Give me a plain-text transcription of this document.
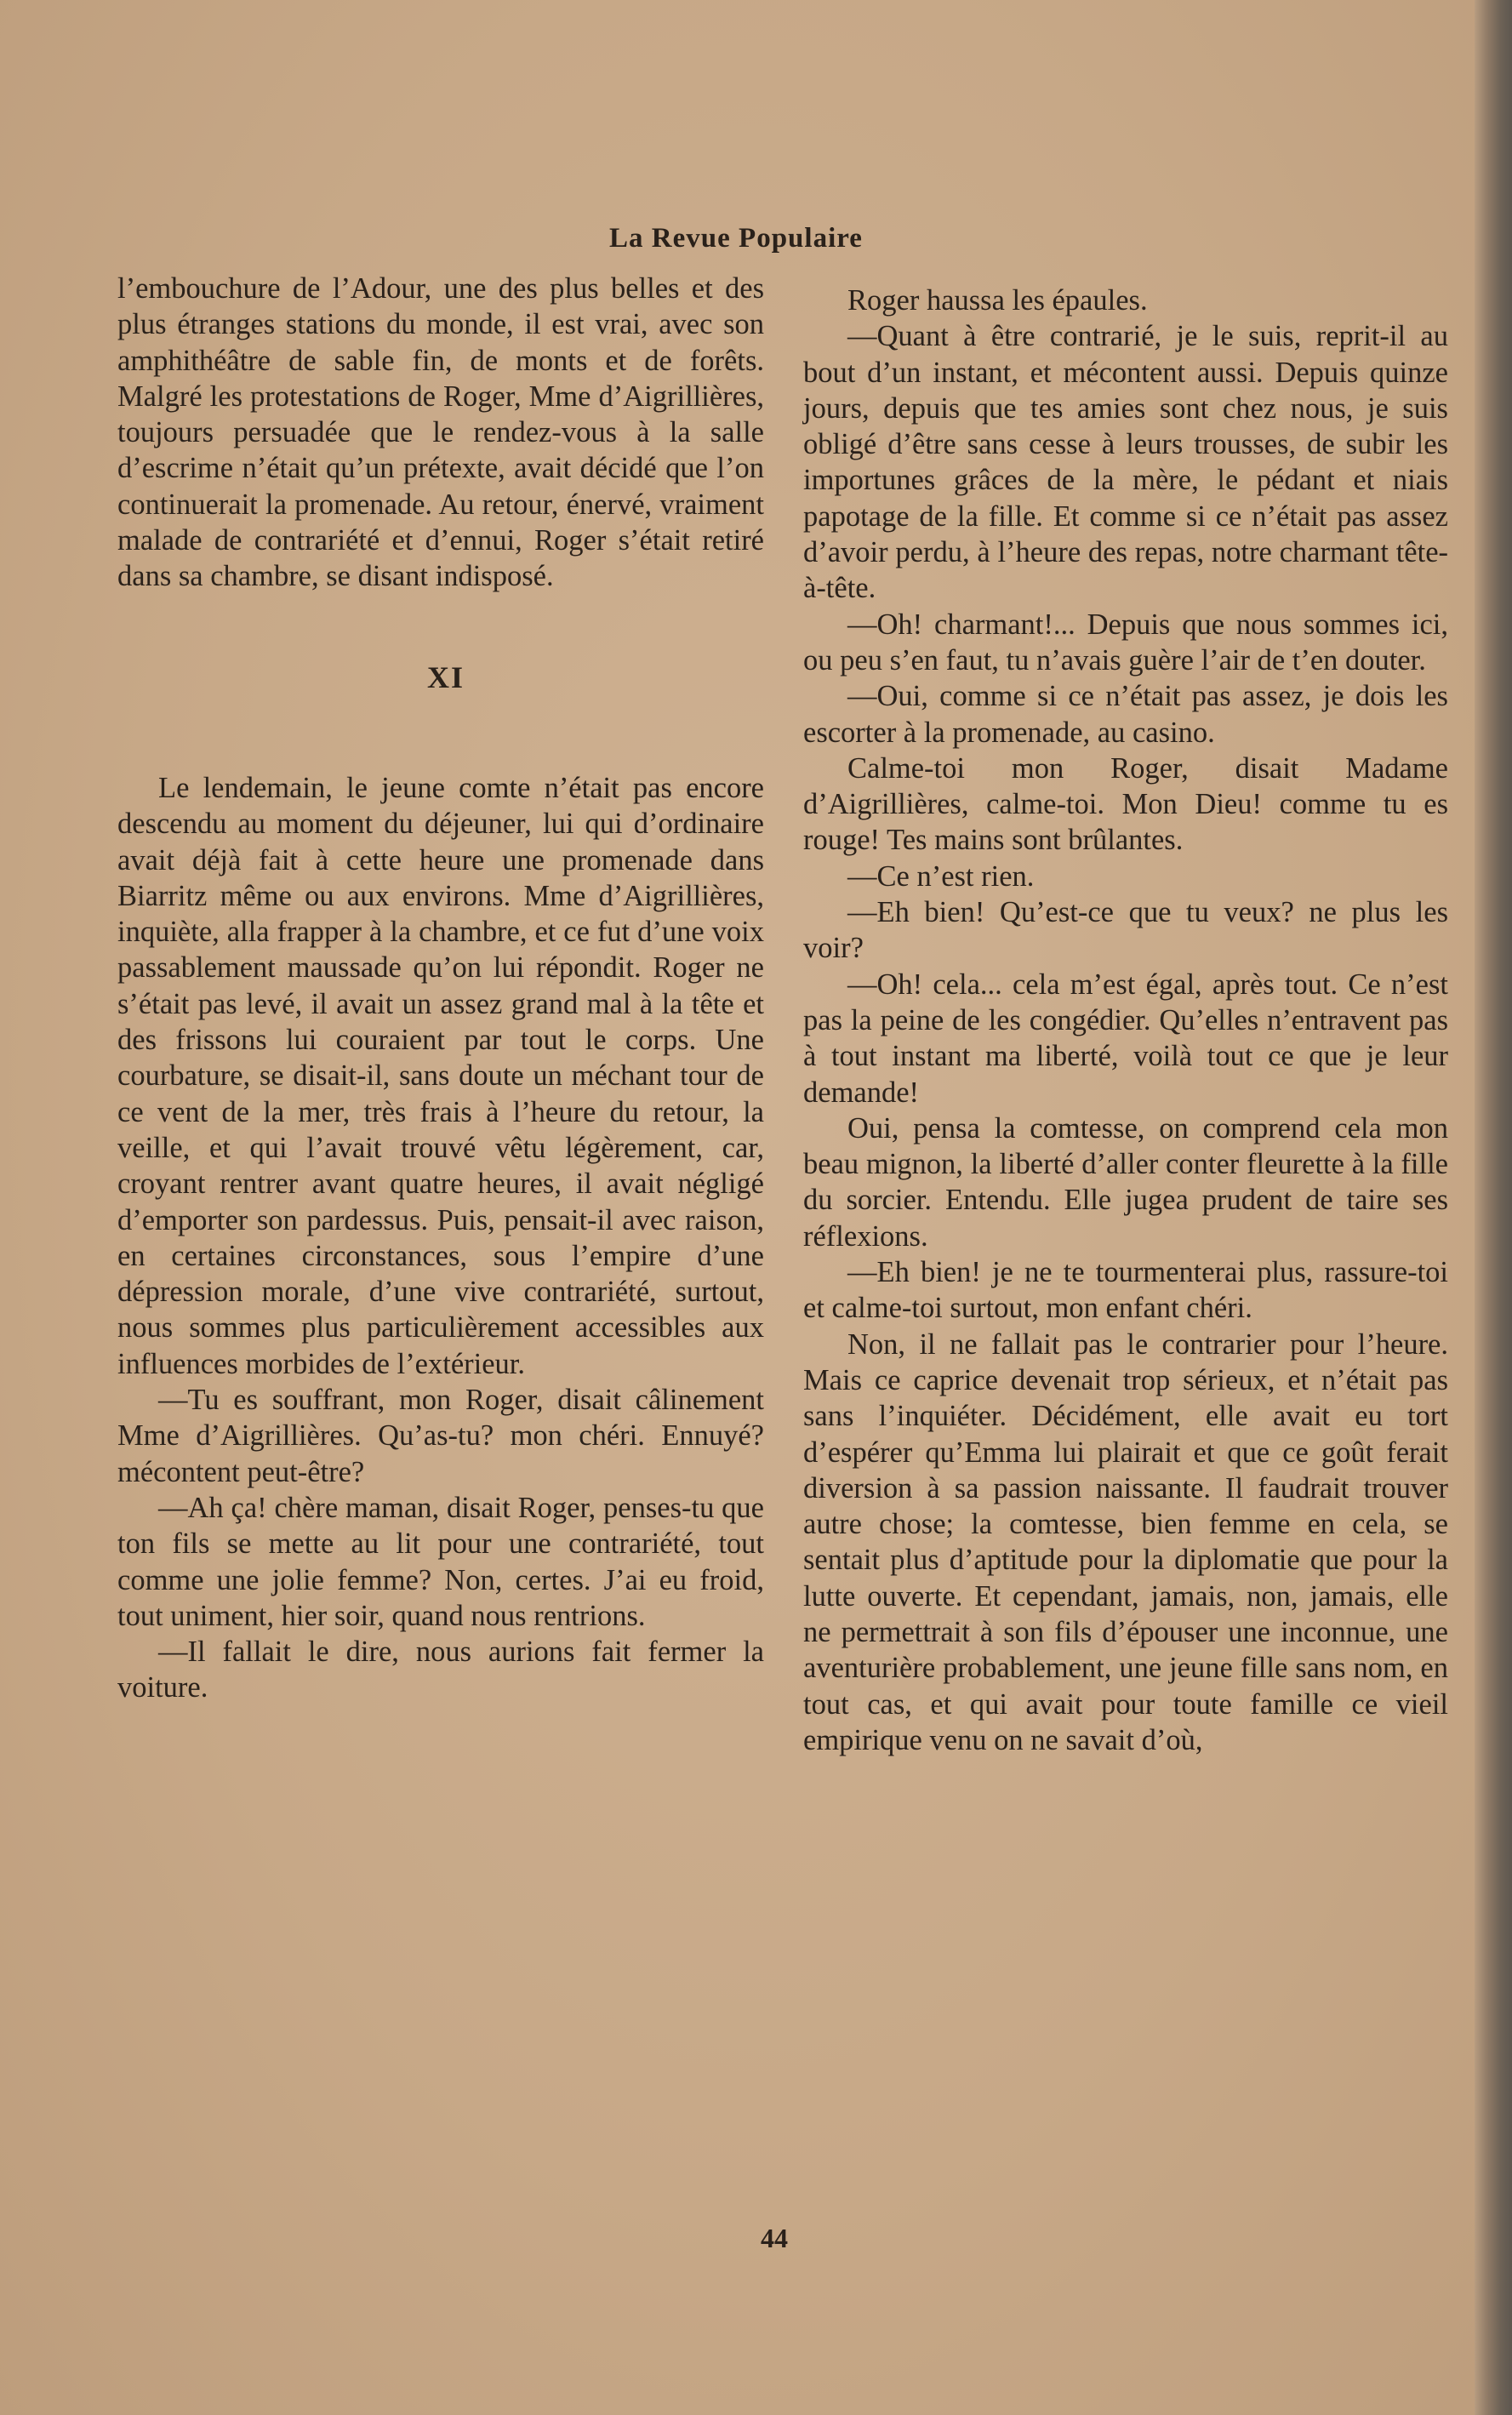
La Revue Populaire

l’embouchure de l’Adour, une des plus belles et des plus étranges stations du monde, il est vrai, avec son amphithéâtre de sable fin, de monts et de forêts. Malgré les protestations de Roger, Mme d’Aigrillières, toujours persuadée que le rendez-vous à la salle d’escrime n’était qu’un prétexte, avait décidé que l’on continuerait la promenade. Au retour, énervé, vraiment malade de contrariété et d’ennui, Roger s’était retiré dans sa chambre, se disant indisposé.

XI

Le lendemain, le jeune comte n’était pas encore descendu au moment du déjeuner, lui qui d’ordinaire avait déjà fait à cette heure une promenade dans Biarritz même ou aux environs. Mme d’Aigrillières, inquiète, alla frapper à la chambre, et ce fut d’une voix passablement maussade qu’on lui répondit. Roger ne s’était pas levé, il avait un assez grand mal à la tête et des frissons lui couraient par tout le corps. Une courbature, se disait-il, sans doute un méchant tour de ce vent de la mer, très frais à l’heure du retour, la veille, et qui l’avait trouvé vêtu légèrement, car, croyant rentrer avant quatre heures, il avait négligé d’emporter son pardessus. Puis, pensait-il avec raison, en certaines circonstances, sous l’empire d’une dépression morale, d’une vive contrariété, surtout, nous sommes plus particulièrement accessibles aux influences morbides de l’extérieur.

—Tu es souffrant, mon Roger, disait câlinement Mme d’Aigrillières. Qu’as-tu? mon chéri. Ennuyé? mécontent peut-être?

—Ah ça! chère maman, disait Roger, penses-tu que ton fils se mette au lit pour une contrariété, tout comme une jolie femme? Non, certes. J’ai eu froid, tout uniment, hier soir, quand nous rentrions.

—Il fallait le dire, nous aurions fait fermer la voiture.

Roger haussa les épaules.

—Quant à être contrarié, je le suis, reprit-il au bout d’un instant, et mécontent aussi. Depuis quinze jours, depuis que tes amies sont chez nous, je suis obligé d’être sans cesse à leurs trousses, de subir les importunes grâces de la mère, le pédant et niais papotage de la fille. Et comme si ce n’était pas assez d’avoir perdu, à l’heure des repas, notre charmant tête-à-tête.

—Oh! charmant!... Depuis que nous sommes ici, ou peu s’en faut, tu n’avais guère l’air de t’en douter.

—Oui, comme si ce n’était pas assez, je dois les escorter à la promenade, au casino.

Calme-toi mon Roger, disait Madame d’Aigrillières, calme-toi. Mon Dieu! comme tu es rouge! Tes mains sont brûlantes.

—Ce n’est rien.

—Eh bien! Qu’est-ce que tu veux? ne plus les voir?

—Oh! cela... cela m’est égal, après tout. Ce n’est pas la peine de les congédier. Qu’elles n’entravent pas à tout instant ma liberté, voilà tout ce que je leur demande!

Oui, pensa la comtesse, on comprend cela mon beau mignon, la liberté d’aller conter fleurette à la fille du sorcier. Entendu. Elle jugea prudent de taire ses réflexions.

—Eh bien! je ne te tourmenterai plus, rassure-toi et calme-toi surtout, mon enfant chéri.

Non, il ne fallait pas le contrarier pour l’heure. Mais ce caprice devenait trop sérieux, et n’était pas sans l’inquiéter. Décidément, elle avait eu tort d’espérer qu’Emma lui plairait et que ce goût ferait diversion à sa passion naissante. Il faudrait trouver autre chose; la comtesse, bien femme en cela, se sentait plus d’aptitude pour la diplomatie que pour la lutte ouverte. Et cependant, jamais, non, jamais, elle ne permettrait à son fils d’épouser une inconnue, une aventurière probablement, une jeune fille sans nom, en tout cas, et qui avait pour toute famille ce vieil empirique venu on ne savait d’où,

44
